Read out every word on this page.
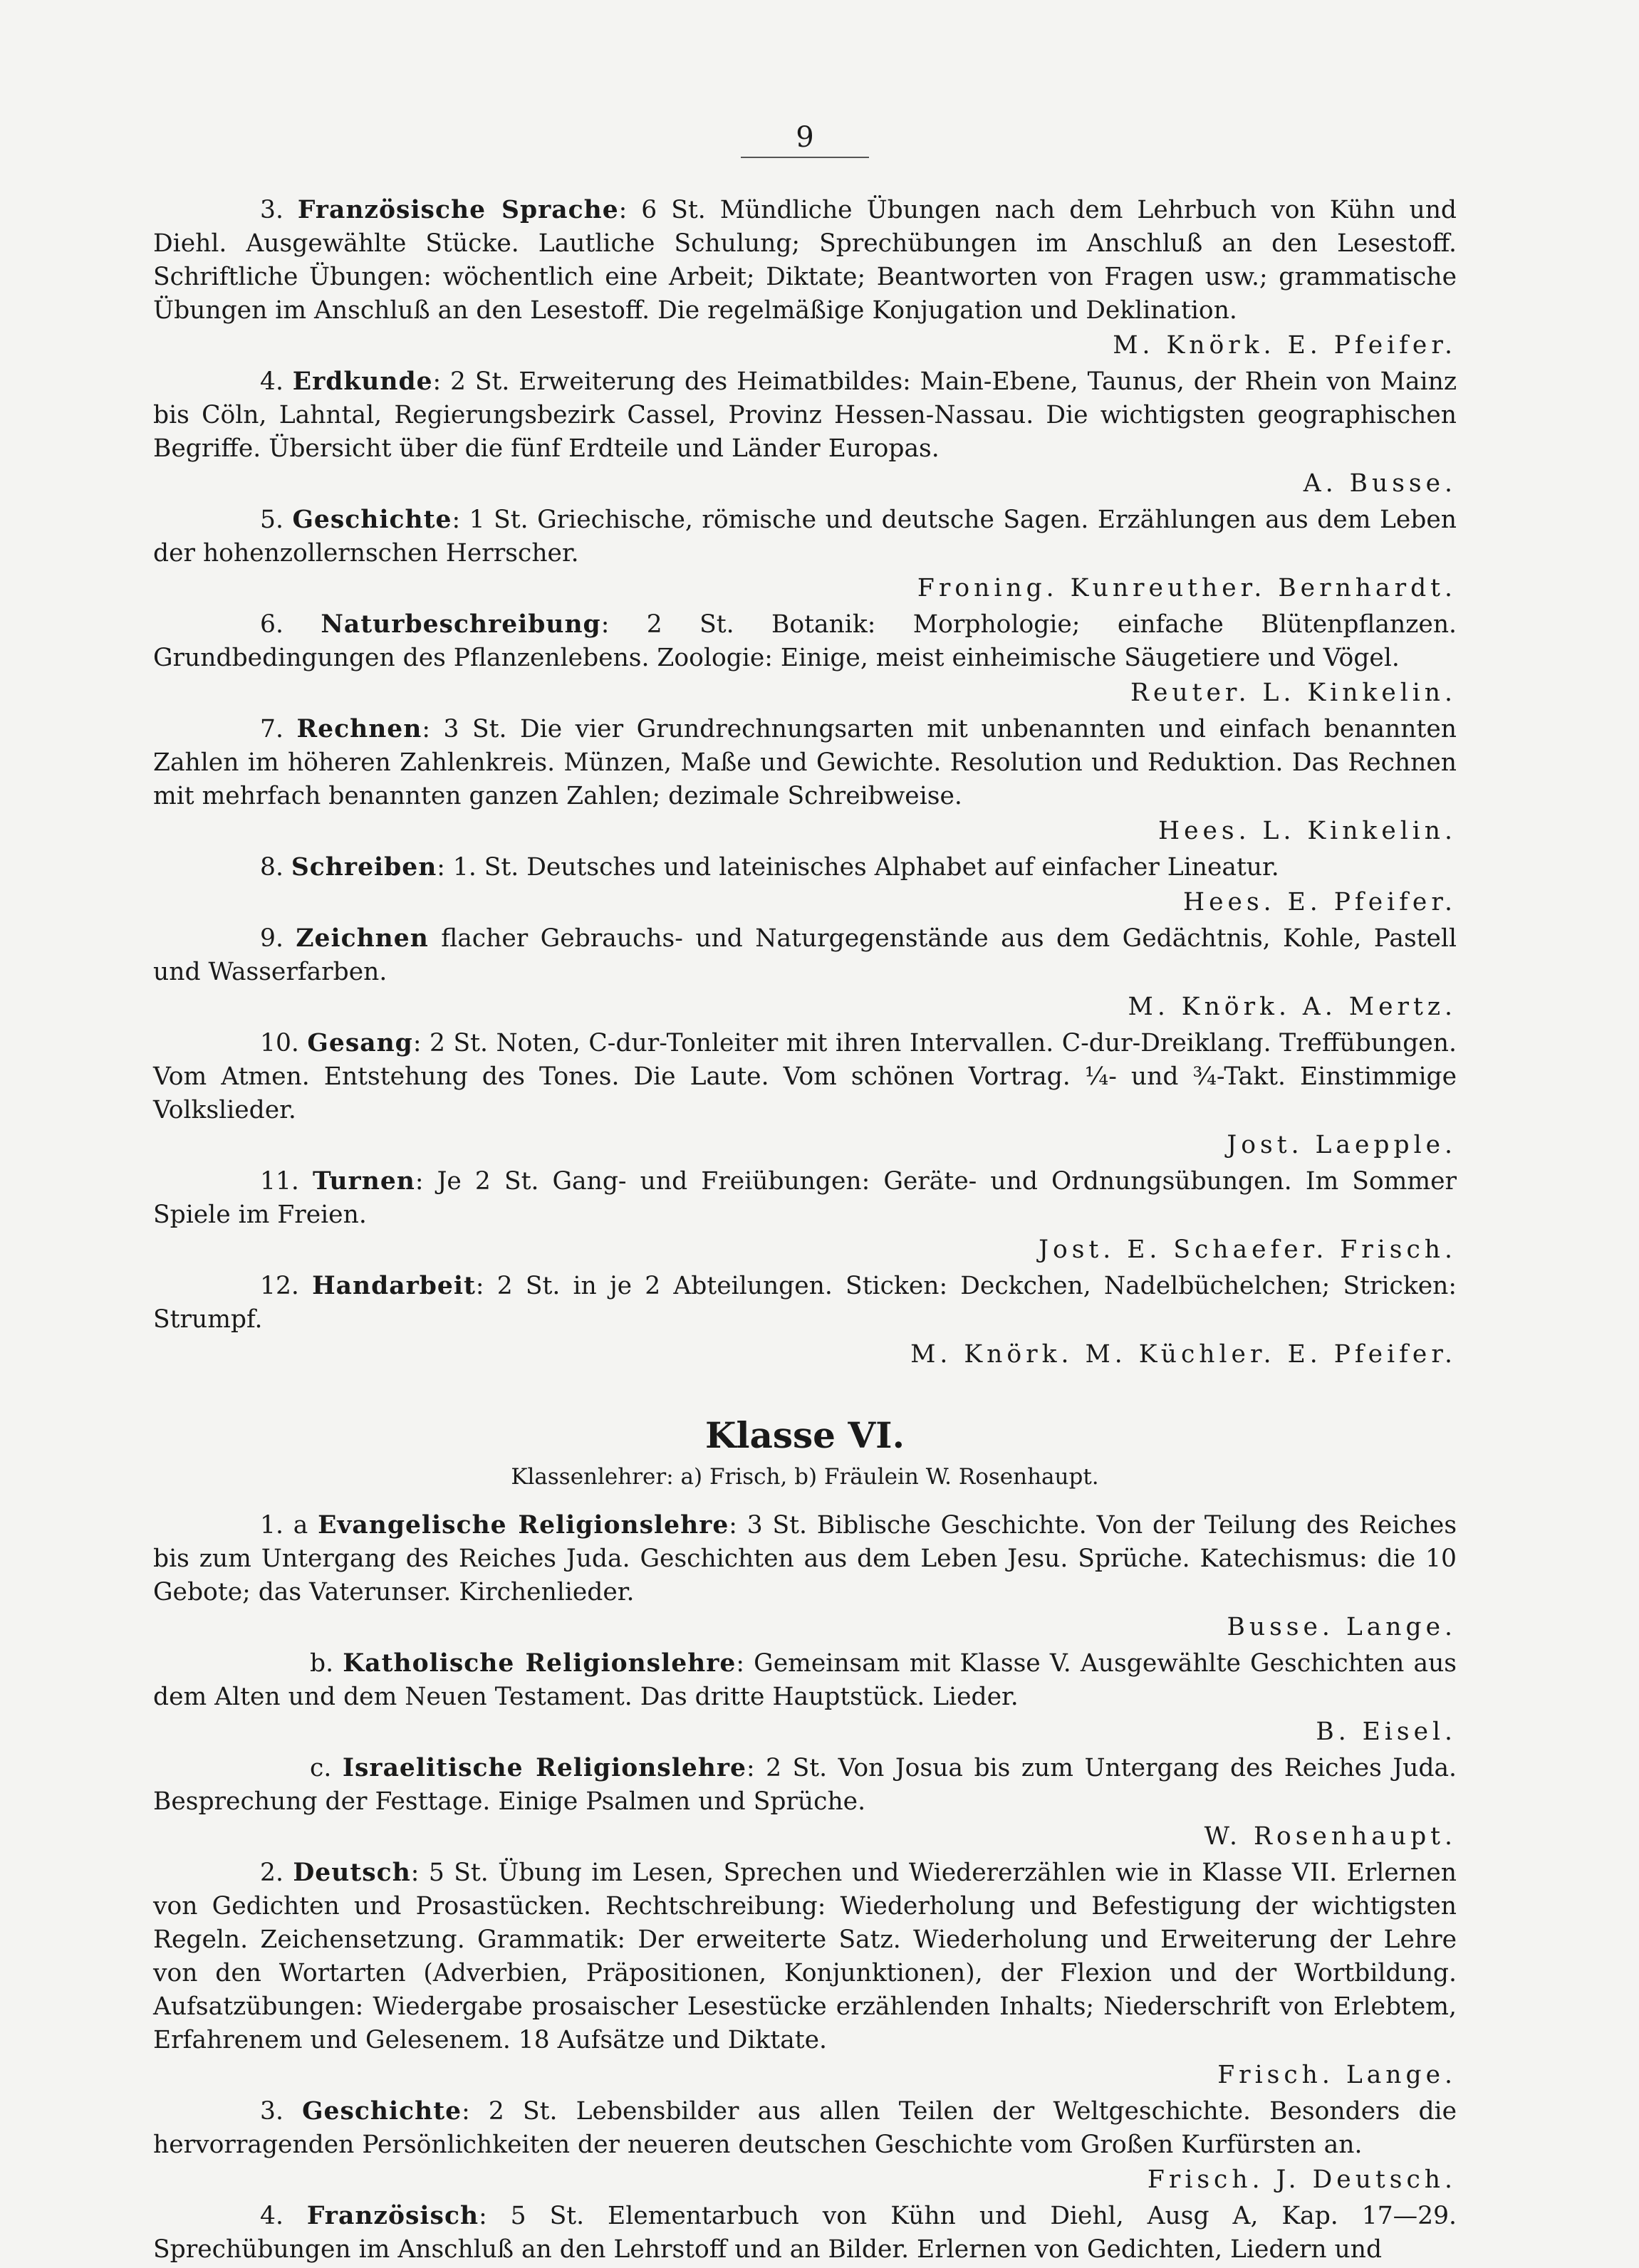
9
3. Französische Sprache: 6 St. Mündliche Übungen nach dem Lehrbuch von Kühn und Diehl. Ausgewählte Stücke. Lautliche Schulung; Sprechübungen im Anschluß an den Lesestoff. Schriftliche Übungen: wöchentlich eine Arbeit; Diktate; Beantworten von Fragen usw.; grammatische Übungen im Anschluß an den Lesestoff. Die regelmäßige Konjugation und Deklination.
M. Knörk. E. Pfeifer.
4. Erdkunde: 2 St. Erweiterung des Heimatbildes: Main-Ebene, Taunus, der Rhein von Mainz bis Cöln, Lahntal, Regierungsbezirk Cassel, Provinz Hessen-Nassau. Die wichtigsten geographischen Begriffe. Übersicht über die fünf Erdteile und Länder Europas.
A. Busse.
5. Geschichte: 1 St. Griechische, römische und deutsche Sagen. Erzählungen aus dem Leben der hohenzollernschen Herrscher.
Froning. Kunreuther. Bernhardt.
6. Naturbeschreibung: 2 St. Botanik: Morphologie; einfache Blütenpflanzen. Grundbedingungen des Pflanzenlebens. Zoologie: Einige, meist einheimische Säugetiere und Vögel.
Reuter. L. Kinkelin.
7. Rechnen: 3 St. Die vier Grundrechnungsarten mit unbenannten und einfach benannten Zahlen im höheren Zahlenkreis. Münzen, Maße und Gewichte. Resolution und Reduktion. Das Rechnen mit mehrfach benannten ganzen Zahlen; dezimale Schreibweise.
Hees. L. Kinkelin.
8. Schreiben: 1. St. Deutsches und lateinisches Alphabet auf einfacher Lineatur.
Hees. E. Pfeifer.
9. Zeichnen flacher Gebrauchs- und Naturgegenstände aus dem Gedächtnis, Kohle, Pastell und Wasserfarben.
M. Knörk. A. Mertz.
10. Gesang: 2 St. Noten, C-dur-Tonleiter mit ihren Intervallen. C-dur-Dreiklang. Treffübungen. Vom Atmen. Entstehung des Tones. Die Laute. Vom schönen Vortrag. ¼- und ¾-Takt. Einstimmige Volkslieder.
Jost. Laepple.
11. Turnen: Je 2 St. Gang- und Freiübungen: Geräte- und Ordnungsübungen. Im Sommer Spiele im Freien.
Jost. E. Schaefer. Frisch.
12. Handarbeit: 2 St. in je 2 Abteilungen. Sticken: Deckchen, Nadelbüchelchen; Stricken: Strumpf.
M. Knörk. M. Küchler. E. Pfeifer.
Klasse VI.
Klassenlehrer: a) Frisch, b) Fräulein W. Rosenhaupt.
1. a Evangelische Religionslehre: 3 St. Biblische Geschichte. Von der Teilung des Reiches bis zum Untergang des Reiches Juda. Geschichten aus dem Leben Jesu. Sprüche. Katechismus: die 10 Gebote; das Vaterunser. Kirchenlieder.
Busse. Lange.
b. Katholische Religionslehre: Gemeinsam mit Klasse V. Ausgewählte Geschichten aus dem Alten und dem Neuen Testament. Das dritte Hauptstück. Lieder.
B. Eisel.
c. Israelitische Religionslehre: 2 St. Von Josua bis zum Untergang des Reiches Juda. Besprechung der Festtage. Einige Psalmen und Sprüche.
W. Rosenhaupt.
2. Deutsch: 5 St. Übung im Lesen, Sprechen und Wiedererzählen wie in Klasse VII. Erlernen von Gedichten und Prosastücken. Rechtschreibung: Wiederholung und Befestigung der wichtigsten Regeln. Zeichensetzung. Grammatik: Der erweiterte Satz. Wiederholung und Erweiterung der Lehre von den Wortarten (Adverbien, Präpositionen, Konjunktionen), der Flexion und der Wortbildung. Aufsatzübungen: Wiedergabe prosaischer Lesestücke erzählenden Inhalts; Niederschrift von Erlebtem, Erfahrenem und Gelesenem. 18 Aufsätze und Diktate.
Frisch. Lange.
3. Geschichte: 2 St. Lebensbilder aus allen Teilen der Weltgeschichte. Besonders die hervorragenden Persönlichkeiten der neueren deutschen Geschichte vom Großen Kurfürsten an.
Frisch. J. Deutsch.
4. Französisch: 5 St. Elementarbuch von Kühn und Diehl, Ausg A, Kap. 17—29. Sprechübungen im Anschluß an den Lehrstoff und an Bilder. Erlernen von Gedichten, Liedern und
